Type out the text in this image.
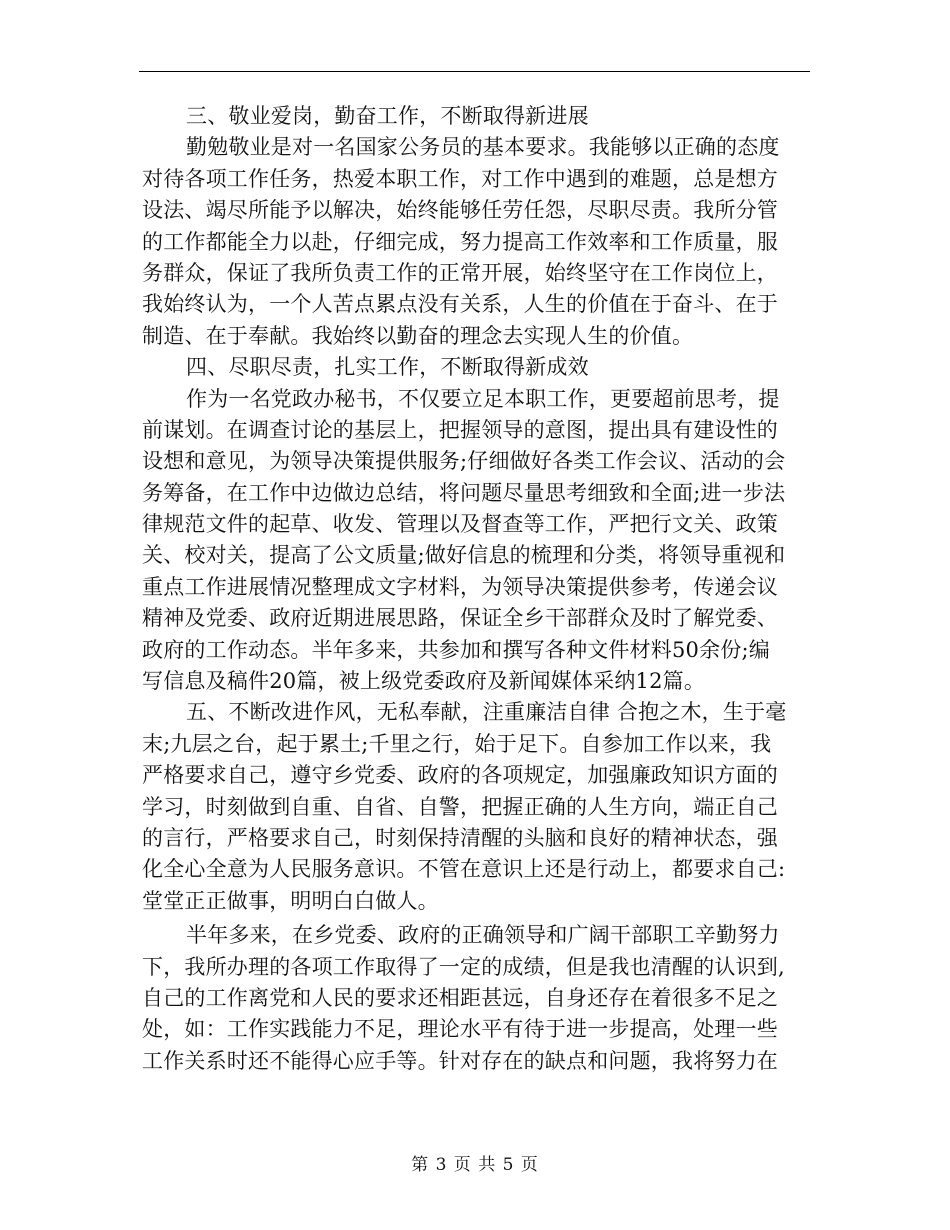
三、敬业爱岗，勤奋工作，不断取得新进展
勤勉敬业是对一名国家公务员的基本要求。我能够以正确的态度
对待各项工作任务，热爱本职工作，对工作中遇到的难题，总是想方
设法、竭尽所能予以解决，始终能够任劳任怨，尽职尽责。我所分管
的工作都能全力以赴，仔细完成，努力提高工作效率和工作质量，服
务群众，保证了我所负责工作的正常开展，始终坚守在工作岗位上，
我始终认为，一个人苦点累点没有关系，人生的价值在于奋斗、在于
制造、在于奉献。我始终以勤奋的理念去实现人生的价值。
四、尽职尽责，扎实工作，不断取得新成效
作为一名党政办秘书，不仅要立足本职工作，更要超前思考，提
前谋划。在调查讨论的基层上，把握领导的意图，提出具有建设性的
设想和意见，为领导决策提供服务;仔细做好各类工作会议、活动的会
务筹备，在工作中边做边总结，将问题尽量思考细致和全面;进一步法
律规范文件的起草、收发、管理以及督查等工作，严把行文关、政策
关、校对关，提高了公文质量;做好信息的梳理和分类，将领导重视和
重点工作进展情况整理成文字材料，为领导决策提供参考，传递会议
精神及党委、政府近期进展思路，保证全乡干部群众及时了解党委、
政府的工作动态。半年多来，共参加和撰写各种文件材料50余份;编
写信息及稿件20篇，被上级党委政府及新闻媒体采纳12篇。
五、不断改进作风，无私奉献，注重廉洁自律 合抱之木，生于毫
末;九层之台，起于累土;千里之行，始于足下。自参加工作以来，我
严格要求自己，遵守乡党委、政府的各项规定，加强廉政知识方面的
学习，时刻做到自重、自省、自警，把握正确的人生方向，端正自己
的言行，严格要求自己，时刻保持清醒的头脑和良好的精神状态，强
化全心全意为人民服务意识。不管在意识上还是行动上，都要求自己:
堂堂正正做事，明明白白做人。
半年多来，在乡党委、政府的正确领导和广阔干部职工辛勤努力
下，我所办理的各项工作取得了一定的成绩，但是我也清醒的认识到,
自己的工作离党和人民的要求还相距甚远，自身还存在着很多不足之
处，如：工作实践能力不足，理论水平有待于进一步提高，处理一些
工作关系时还不能得心应手等。针对存在的缺点和问题，我将努力在
第 3 页 共 5 页
